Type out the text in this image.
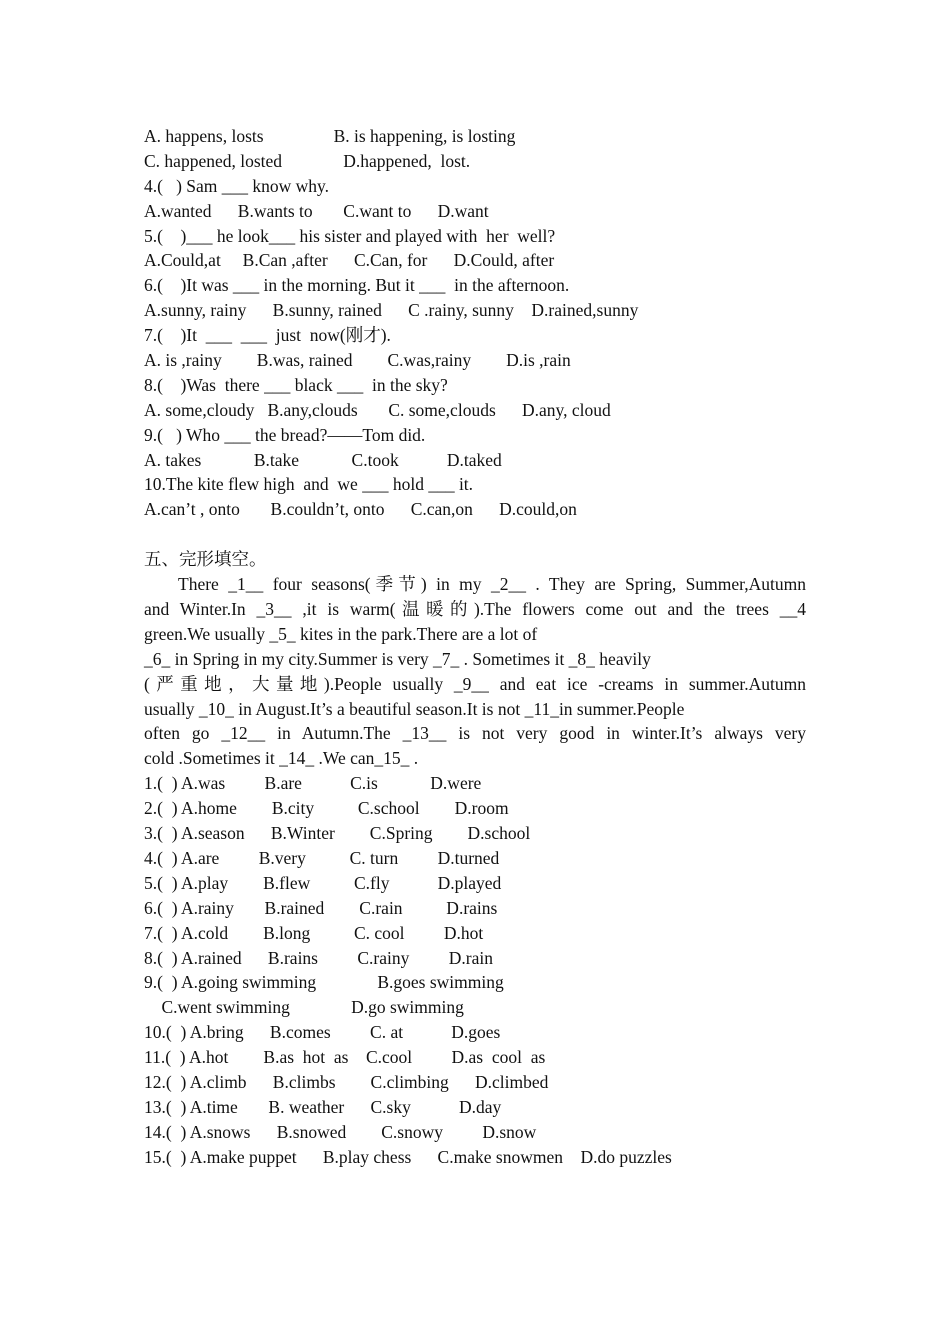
A. happens, losts                B. is happening, is losting
C. happened, losted              D.happened,  lost.
4.(   ) Sam ___ know why.
A.wanted      B.wants to       C.want to      D.want
5.(    )___ he look___ his sister and played with  her  well?
A.Could,at     B.Can ,after      C.Can, for      D.Could, after
6.(    )It was ___ in the morning. But it ___  in the afternoon.
A.sunny, rainy      B.sunny, rained      C .rainy, sunny    D.rained,sunny
7.(    )It  ___  ___  just  now(刚才).
A. is ,rainy        B.was, rained        C.was,rainy        D.is ,rain
8.(    )Was  there ___ black ___  in the sky?
A. some,cloudy   B.any,clouds       C. some,clouds      D.any, cloud
9.(   ) Who ___ the bread?——Tom did.
A. takes            B.take            C.took           D.taked
10.The kite flew high  and  we ___ hold ___ it.
A.can’t , onto       B.couldn’t, onto      C.can,on      D.could,on
五、完形填空。
There _1__ four seasons(季节) in my _2__ . They are Spring, Summer,Autumn
and Winter.In _3__ ,it is warm(温暖的).The flowers come out and the trees __4
green.We usually _5_ kites in the park.There are a lot of
_6_ in Spring in my city.Summer is very _7_ . Sometimes it _8_ heavily
(严重地，大量地).People usually _9__ and eat ice -creams in summer.Autumn
usually _10_ in August.It’s a beautiful season.It is not _11_in summer.People
often go _12__ in Autumn.The _13__ is not very good in winter.It’s always very
cold .Sometimes it _14_ .We can_15_ .
1.(  ) A.was         B.are           C.is            D.were
2.(  ) A.home        B.city          C.school        D.room
3.(  ) A.season      B.Winter        C.Spring        D.school
4.(  ) A.are         B.very          C. turn         D.turned
5.(  ) A.play        B.flew          C.fly           D.played
6.(  ) A.rainy       B.rained        C.rain          D.rains
7.(  ) A.cold        B.long          C. cool         D.hot
8.(  ) A.rained      B.rains         C.rainy         D.rain
9.(  ) A.going swimming              B.goes swimming
C.went swimming              D.go swimming
10.(  ) A.bring      B.comes         C. at           D.goes
11.(  ) A.hot        B.as  hot  as    C.cool         D.as  cool  as
12.(  ) A.climb      B.climbs        C.climbing      D.climbed
13.(  ) A.time       B. weather      C.sky           D.day
14.(  ) A.snows      B.snowed        C.snowy         D.snow
15.(  ) A.make puppet      B.play chess      C.make snowmen    D.do puzzles
